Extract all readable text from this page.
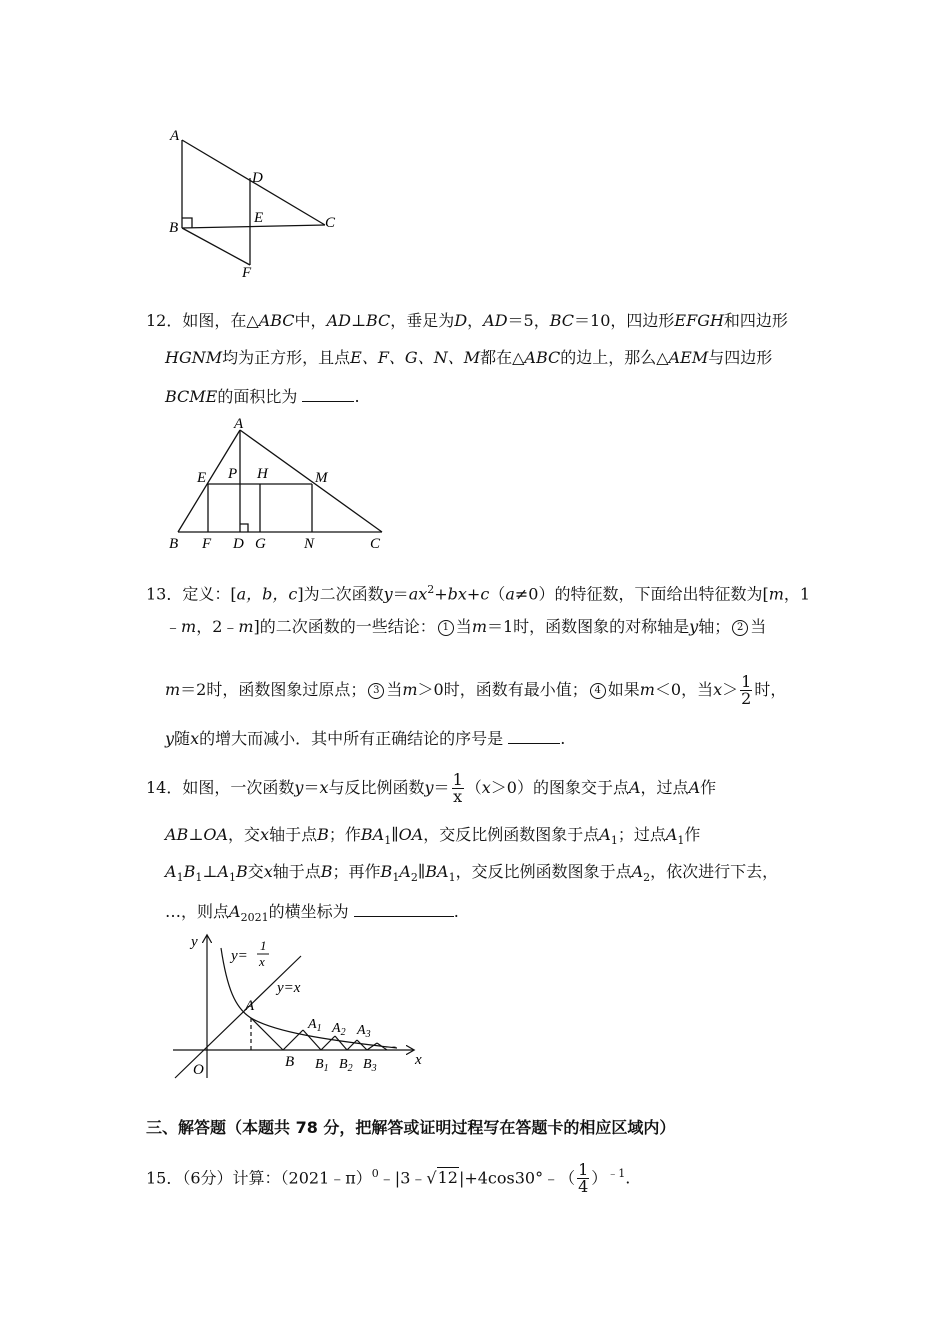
A
D
E
B	C
F
12．如图，在△ABC中，AD⊥BC，垂足为D，AD＝5，BC＝10，四边形EFGH和四边形
HGNM均为正方形，且点E、F、G、N、M都在△ABC的边上，那么△AEM与四边形
BCME的面积比为	.
A
E P H	M
B F D G	N	C
13．定义：[a，b，c]为二次函数$y=ax^2+bx+c(a\ne 0)$的特征数，下面给出特征数为[m，1
﹣m，2﹣m]的二次函数的一些结论： 1 当m＝1时，函数图象的对称轴是y轴； 2 当
m＝2时，函数图象过原点； 3 当m＞0时，函数有最小值； 4 如果m＜0，当$x> \frac{1}{2}$ 时，
y随x的增大而减小．其中所有正确结论的序号是	.
14．如图，一次函数y＝x与反比例函数$y= \frac{1}{x} (x>0)$的图象交于点A，过点A作
AB⊥OA，交x轴于点B；作$BA_1\parallel OA$，交反比例函数图象于点$A_1$；过点$A_1$作
$A_1B_1\perp A_1B$交x轴于点B；再作$B_1A_2\parallel BA_1$，交反比例函数图象于点$A_2$，依次进行下去，
…，则点$A_{2021}$的横坐标为	.
y
x
O
A
B
y=
1
x
y=x
$A_1$ $A_2$ $A_3$
$B_1$ $B_2$ $B_3$
- -
三、解答题（本题共 78 分，把解答或证明过程写在答题卡的相应区域内）
15．（6分）计算：（2021﹣π）$^0$﹣|3﹣√12|+4cos30°﹣（ $\frac{1}{4} )^{﹣1}$.
